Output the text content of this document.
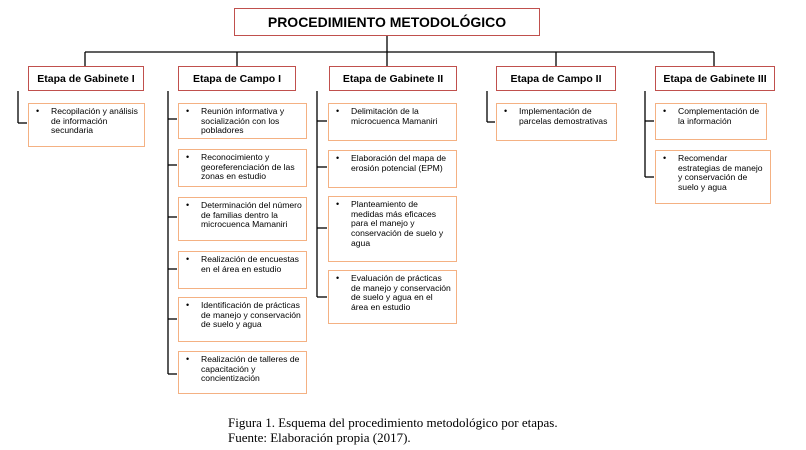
PROCEDIMIENTO METODOLÓGICO
Etapa de Gabinete I	Etapa de Campo I	Etapa de Gabinete II	Etapa de Campo II	Etapa de Gabinete III
• Recopilación y análisis de información secundaria
• Reunión informativa y socialización con los pobladores
• Reconocimiento y georeferenciación de las zonas en estudio
• Determinación del número de familias dentro la microcuenca Mamaniri
• Realización de encuestas en el área en estudio
• Identificación de prácticas de manejo y conservación de suelo y agua
• Realización de talleres de capacitación y concientización
• Delimitación de la microcuenca Mamaniri
• Elaboración del mapa de erosión potencial (EPM)
• Planteamiento de medidas más eficaces para el manejo y conservación de suelo y agua
• Evaluación de prácticas de manejo y conservación de suelo y agua en el área en estudio
• Implementación de parcelas demostrativas
• Complementación de la información
• Recomendar estrategias de manejo y conservación de suelo y agua
Figura 1. Esquema del procedimiento metodológico por etapas.
Fuente: Elaboración propia (2017).
